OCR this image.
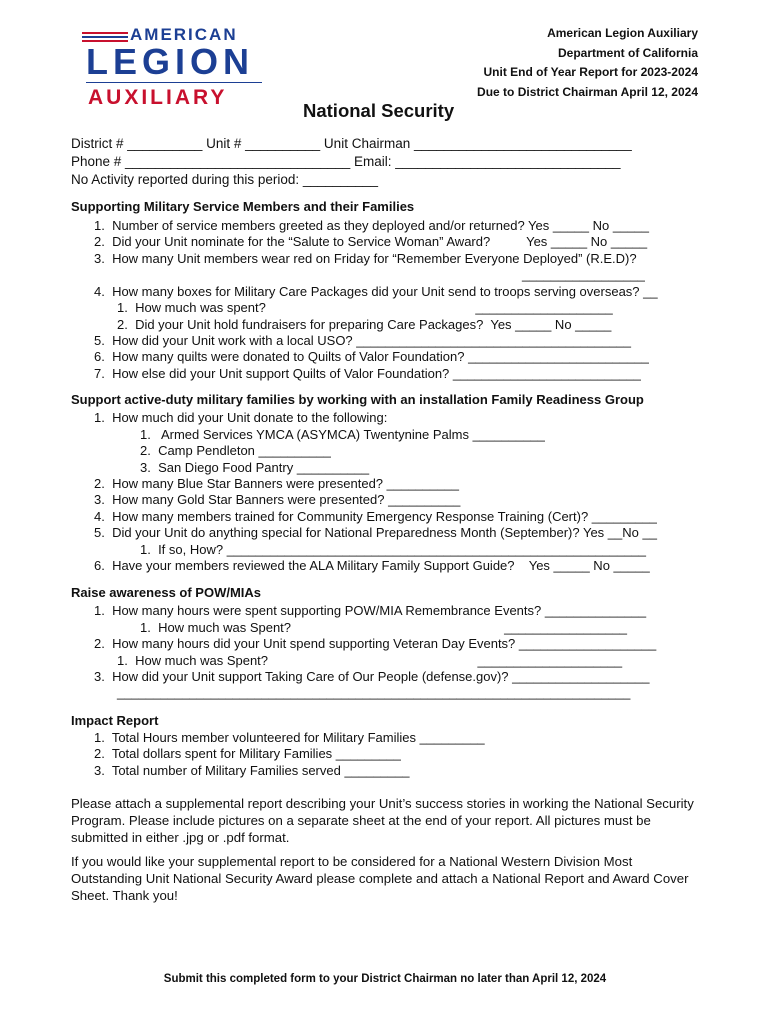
AMERICAN
LEGION
AUXILIARY
American Legion Auxiliary
Department of California
Unit End of Year Report for 2023-2024
Due to District Chairman April 12, 2024
National Security
District # __________ Unit # __________ Unit Chairman _____________________________
Phone # ______________________________ Email: ______________________________
No Activity reported during this period: __________
Supporting Military Service Members and their Families
1.  Number of service members greeted as they deployed and/or returned? Yes _____ No _____
2.  Did your Unit nominate for the “Salute to Service Woman” Award?          Yes _____ No _____
3.  How many Unit members wear red on Friday for “Remember Everyone Deployed” (R.E.D)?
_________________
4.  How many boxes for Military Care Packages did your Unit send to troops serving overseas? __
1.  How much was spent?                                                          ___________________
2.  Did your Unit hold fundraisers for preparing Care Packages?  Yes _____ No _____
5.  How did your Unit work with a local USO? ______________________________________
6.  How many quilts were donated to Quilts of Valor Foundation? _________________________
7.  How else did your Unit support Quilts of Valor Foundation? __________________________
Support active-duty military families by working with an installation Family Readiness Group
1.  How much did your Unit donate to the following:
1.   Armed Services YMCA (ASYMCA) Twentynine Palms __________
2.  Camp Pendleton __________
3.  San Diego Food Pantry __________
2.  How many Blue Star Banners were presented? __________
3.  How many Gold Star Banners were presented? __________
4.  How many members trained for Community Emergency Response Training (Cert)? _________
5.  Did your Unit do anything special for National Preparedness Month (September)? Yes __No __
1.  If so, How? __________________________________________________________
6.  Have your members reviewed the ALA Military Family Support Guide?    Yes _____ No _____
Raise awareness of POW/MIAs
1.  How many hours were spent supporting POW/MIA Remembrance Events? ______________
1.  How much was Spent?                                                           _________________
2.  How many hours did your Unit spend supporting Veteran Day Events? ___________________
1.  How much was Spent?                                                          ____________________
3.  How did your Unit support Taking Care of Our People (defense.gov)? ___________________
_______________________________________________________________________
Impact Report
1.  Total Hours member volunteered for Military Families _________
2.  Total dollars spent for Military Families _________
3.  Total number of Military Families served _________
Please attach a supplemental report describing your Unit’s success stories in working the National Security Program. Please include pictures on a separate sheet at the end of your report. All pictures must be submitted in either .jpg or .pdf format.
If you would like your supplemental report to be considered for a National Western Division Most Outstanding Unit National Security Award please complete and attach a National Report and Award Cover Sheet. Thank you!
Submit this completed form to your District Chairman no later than April 12, 2024
